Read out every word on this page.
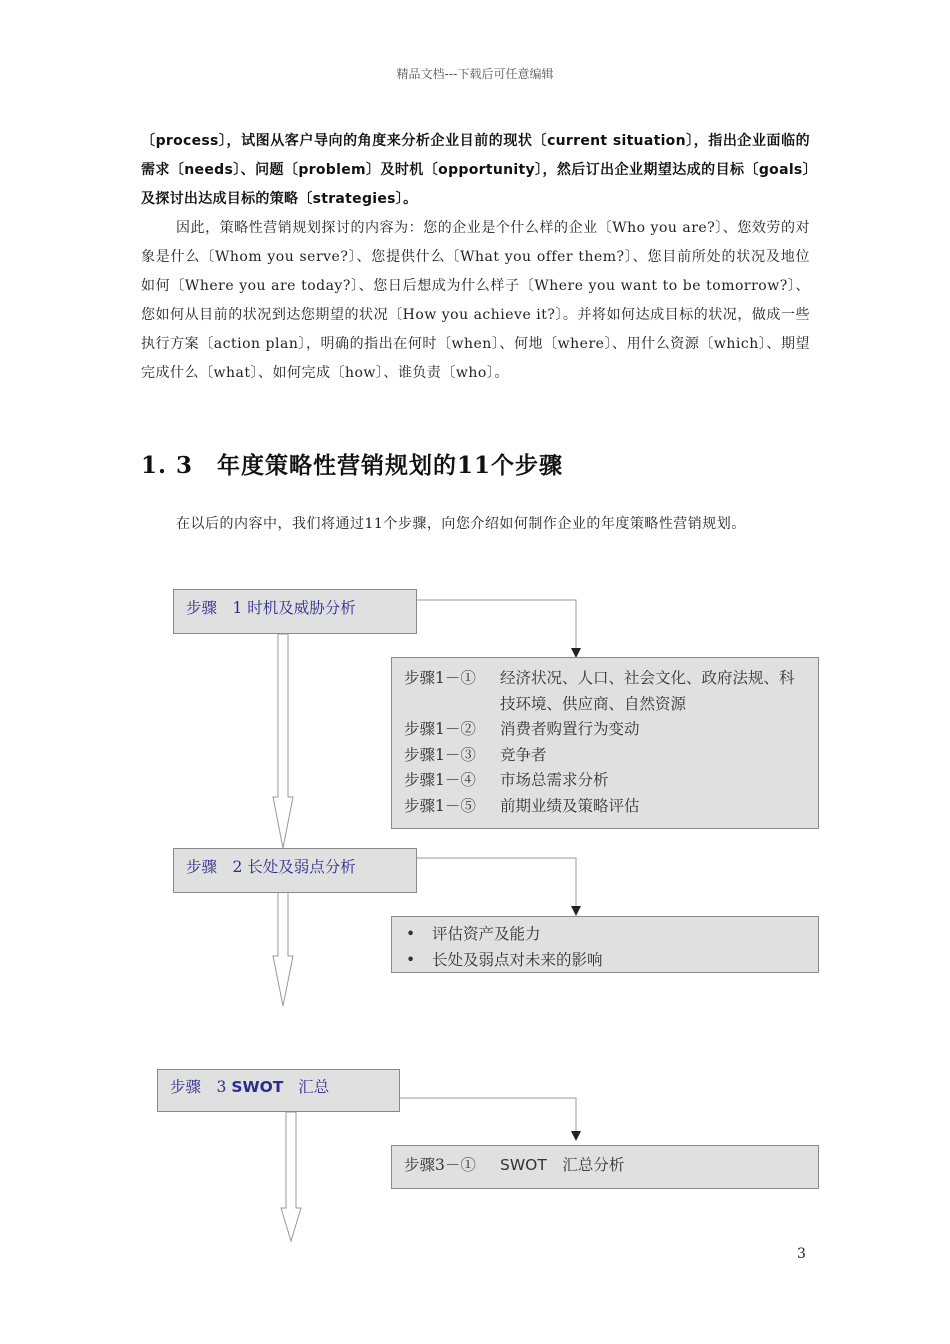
精品文档---下载后可任意编辑
〔process〕，试图从客户导向的角度来分析企业目前的现状〔current situation〕，指出企业面临的需求〔needs〕、问题〔problem〕及时机〔opportunity〕，然后订出企业期望达成的目标〔goals〕及探讨出达成目标的策略〔strategies〕。
因此，策略性营销规划探讨的内容为：您的企业是个什么样的企业〔Who you are?〕、您效劳的对象是什么〔Whom you serve?〕、您提供什么〔What you offer them?〕、您目前所处的状况及地位如何〔Where you are today?〕、您日后想成为什么样子〔Where you want to be tomorrow?〕、您如何从目前的状况到达您期望的状况〔How you achieve it?〕。并将如何达成目标的状况，做成一些执行方案〔action plan〕，明确的指出在何时〔when〕、何地〔where〕、用什么资源〔which〕、期望完成什么〔what〕、如何完成〔how〕、谁负责〔who〕。
1. 3　年度策略性营销规划的11个步骤
在以后的内容中，我们将通过11个步骤，向您介绍如何制作企业的年度策略性营销规划。
步骤　1 时机及威胁分析
步骤1－①	经济状况、人口、社会文化、政府法规、科技环境、供应商、自然资源
步骤1－②	消费者购置行为变动
步骤1－③	竞争者
步骤1－④	市场总需求分析
步骤1－⑤	前期业绩及策略评估
步骤　2 长处及弱点分析
•	评估资产及能力
•	长处及弱点对未来的影响
步骤　3 SWOT 汇总
步骤3－①	SWOT　汇总分析
3
